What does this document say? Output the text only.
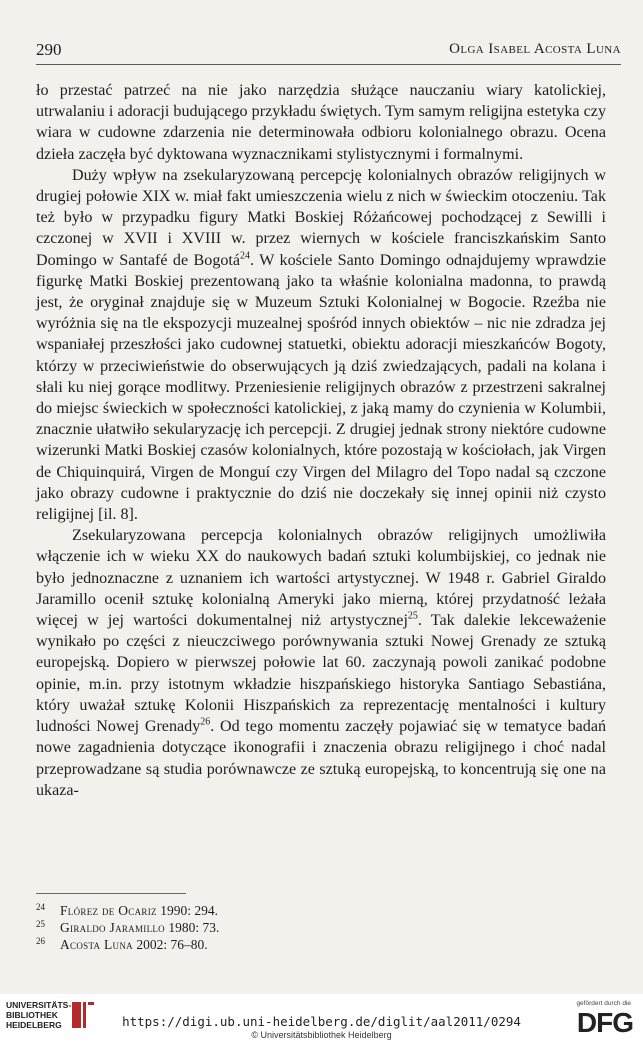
290	Olga Isabel Acosta Luna

ło przestać patrzeć na nie jako narzędzia służące nauczaniu wiary katolickiej, utrwalaniu i adoracji budującego przykładu świętych. Tym samym religijna estetyka czy wiara w cudowne zdarzenia nie determinowała odbioru kolonialnego obrazu. Ocena dzieła zaczęła być dyktowana wyznacznikami stylistycznymi i formalnymi.

Duży wpływ na zsekularyzowaną percepcję kolonialnych obrazów religijnych w drugiej połowie XIX w. miał fakt umieszczenia wielu z nich w świeckim otoczeniu. Tak też było w przypadku figury Matki Boskiej Różańcowej pochodzącej z Sewilli i czczonej w XVII i XVIII w. przez wiernych w kościele franciszkańskim Santo Domingo w Santafé de Bogotá$^{24}$. W kościele Santo Domingo odnajdujemy wprawdzie figurkę Matki Boskiej prezentowaną jako ta właśnie kolonialna madonna, to prawdą jest, że oryginał znajduje się w Muzeum Sztuki Kolonialnej w Bogocie. Rzeźba nie wyróżnia się na tle ekspozycji muzealnej spośród innych obiektów – nic nie zdradza jej wspaniałej przeszłości jako cudownej statuetki, obiektu adoracji mieszkańców Bogoty, którzy w przeciwieństwie do obserwujących ją dziś zwiedzających, padali na kolana i słali ku niej gorące modlitwy. Przeniesienie religijnych obrazów z przestrzeni sakralnej do miejsc świeckich w społeczności katolickiej, z jaką mamy do czynienia w Kolumbii, znacznie ułatwiło sekularyzację ich percepcji. Z drugiej jednak strony niektóre cudowne wizerunki Matki Boskiej czasów kolonialnych, które pozostają w kościołach, jak Virgen de Chiquinquirá, Virgen de Monguí czy Virgen del Milagro del Topo nadal są czczone jako obrazy cudowne i praktycznie do dziś nie doczekały się innej opinii niż czysto religijnej [il. 8].

Zsekularyzowana percepcja kolonialnych obrazów religijnych umożliwiła włączenie ich w wieku XX do naukowych badań sztuki kolumbijskiej, co jednak nie było jednoznaczne z uznaniem ich wartości artystycznej. W 1948 r. Gabriel Giraldo Jaramillo ocenił sztukę kolonialną Ameryki jako mierną, której przydatność leżała więcej w jej wartości dokumentalnej niż artystycznej$^{25}$. Tak dalekie lekceważenie wynikało po części z nieuczciwego porównywania sztuki Nowej Grenady ze sztuką europejską. Dopiero w pierwszej połowie lat 60. zaczynają powoli zanikać podobne opinie, m.in. przy istotnym wkładzie hiszpańskiego historyka Santiago Sebastiána, który uważał sztukę Kolonii Hiszpańskich za reprezentację mentalności i kultury ludności Nowej Grenady$^{26}$. Od tego momentu zaczęły pojawiać się w tematyce badań nowe zagadnienia dotyczące ikonografii i znaczenia obrazu religijnego i choć nadal przeprowadzane są studia porównawcze ze sztuką europejską, to koncentrują się one na ukaza-

24 Flórez de Ocariz 1990: 294.
25 Giraldo Jaramillo 1980: 73.
26 Acosta Luna 2002: 76–80.
UNIVERSITÄTS-
BIBLIOTHEK
HEIDELBERG	https://digi.ub.uni-heidelberg.de/diglit/aal2011/0294
© Universitätsbibliothek Heidelberg
gefördert durch die
DFG
